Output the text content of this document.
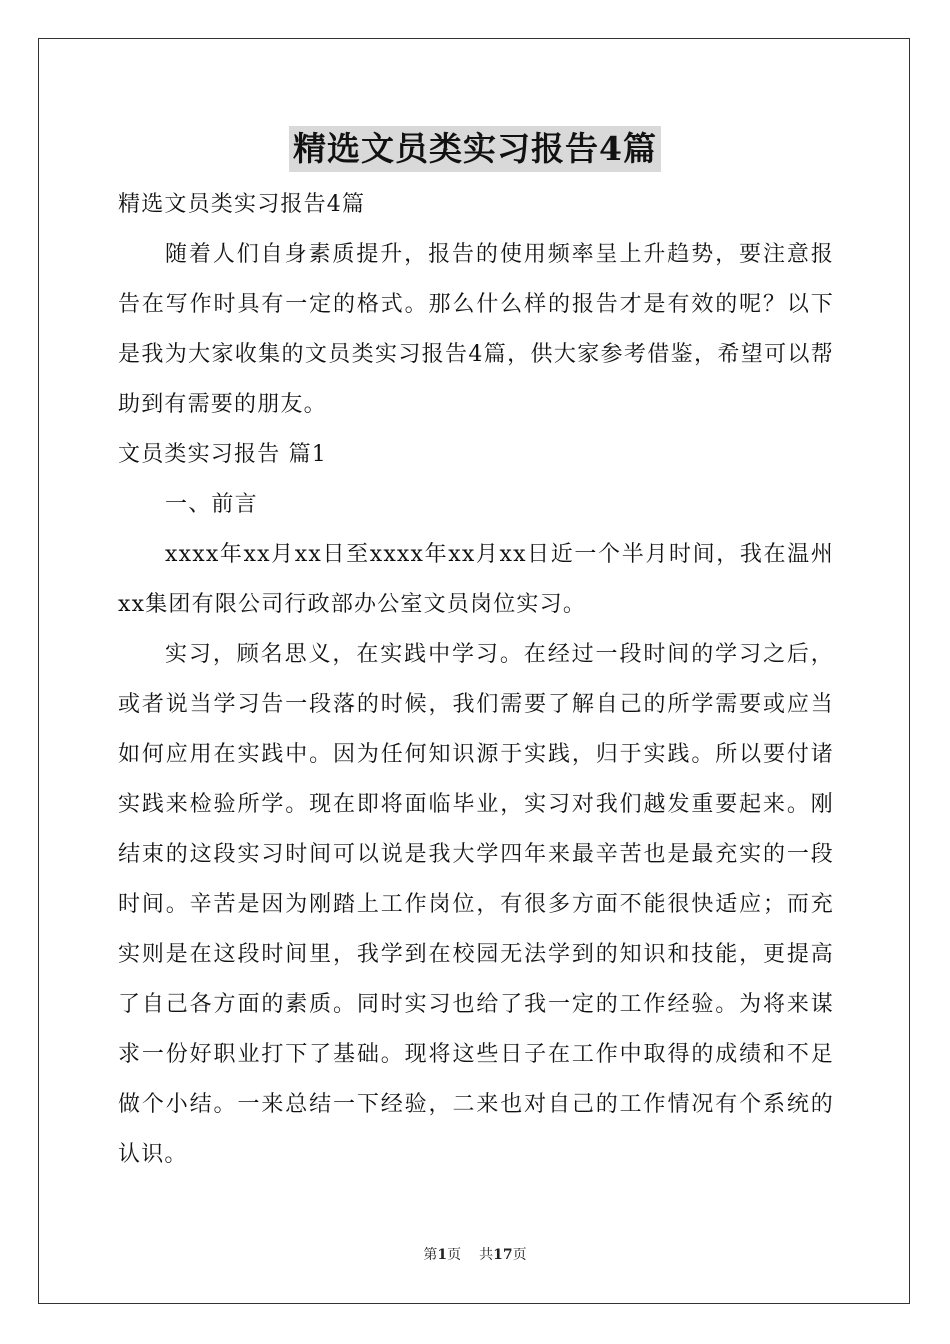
精选文员类实习报告4篇

精选文员类实习报告4篇

随着人们自身素质提升，报告的使用频率呈上升趋势，要注意报告在写作时具有一定的格式。那么什么样的报告才是有效的呢？以下是我为大家收集的文员类实习报告4篇，供大家参考借鉴，希望可以帮助到有需要的朋友。

文员类实习报告 篇1

一、前言

xxxx年xx月xx日至xxxx年xx月xx日近一个半月时间，我在温州xx集团有限公司行政部办公室文员岗位实习。

实习，顾名思义，在实践中学习。在经过一段时间的学习之后，或者说当学习告一段落的时候，我们需要了解自己的所学需要或应当如何应用在实践中。因为任何知识源于实践，归于实践。所以要付诸实践来检验所学。现在即将面临毕业，实习对我们越发重要起来。刚结束的这段实习时间可以说是我大学四年来最辛苦也是最充实的一段时间。辛苦是因为刚踏上工作岗位，有很多方面不能很快适应；而充实则是在这段时间里，我学到在校园无法学到的知识和技能，更提高了自己各方面的素质。同时实习也给了我一定的工作经验。为将来谋求一份好职业打下了基础。现将这些日子在工作中取得的成绩和不足做个小结。一来总结一下经验，二来也对自己的工作情况有个系统的认识。

第1页 共17页
